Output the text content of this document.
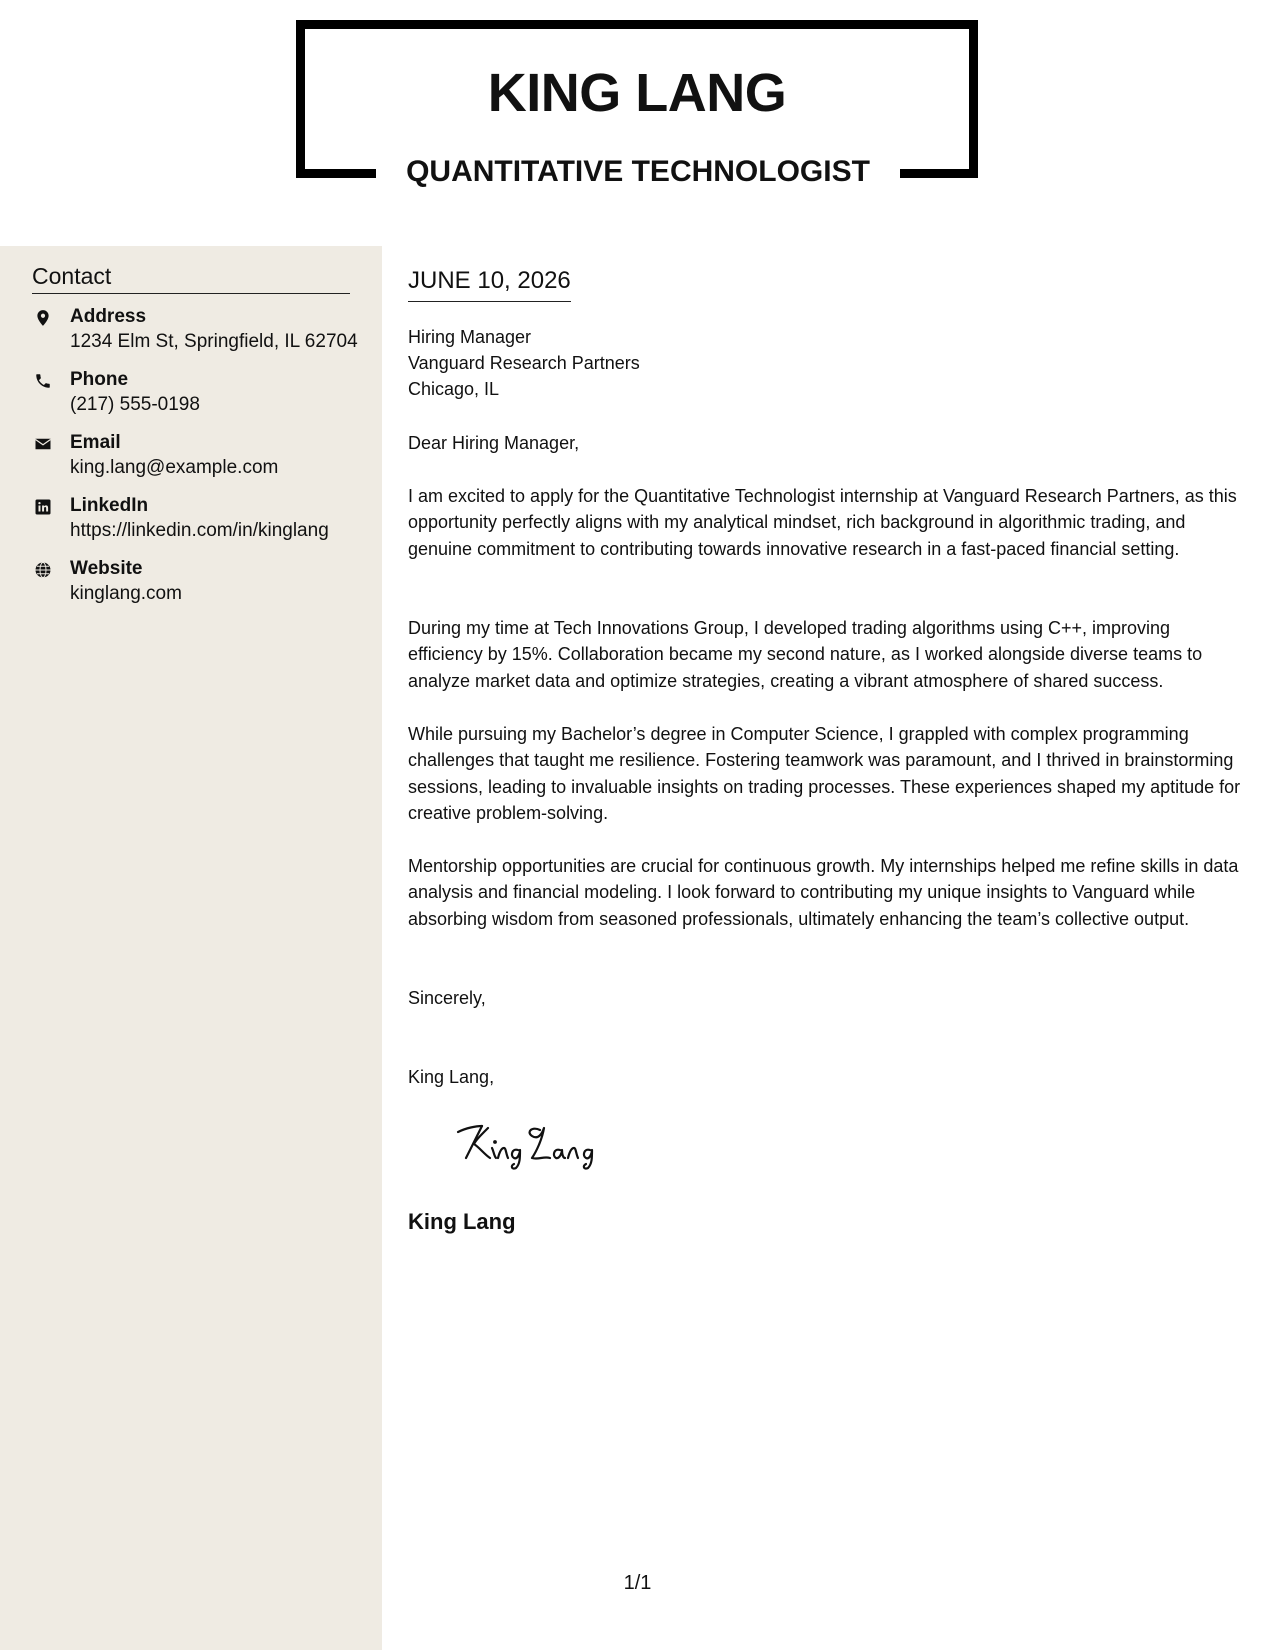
KING LANG
QUANTITATIVE TECHNOLOGIST
Contact
Address
1234 Elm St, Springfield, IL 62704
Phone
(217) 555-0198
Email
king.lang@example.com
LinkedIn
https://linkedin.com/in/kinglang
Website
kinglang.com
JUNE 10, 2026
Hiring Manager
Vanguard Research Partners
Chicago, IL
Dear Hiring Manager,

I am excited to apply for the Quantitative Technologist internship at Vanguard Research Partners, as this opportunity perfectly aligns with my analytical mindset, rich background in algorithmic trading, and genuine commitment to contributing towards innovative research in a fast-paced financial setting.

During my time at Tech Innovations Group, I developed trading algorithms using C++, improving efficiency by 15%. Collaboration became my second nature, as I worked alongside diverse teams to analyze market data and optimize strategies, creating a vibrant atmosphere of shared success.

While pursuing my Bachelor’s degree in Computer Science, I grappled with complex programming challenges that taught me resilience. Fostering teamwork was paramount, and I thrived in brainstorming sessions, leading to invaluable insights on trading processes. These experiences shaped my aptitude for creative problem-solving.

Mentorship opportunities are crucial for continuous growth. My internships helped me refine skills in data analysis and financial modeling. I look forward to contributing my unique insights to Vanguard while absorbing wisdom from seasoned professionals, ultimately enhancing the team’s collective output.

Sincerely,
King Lang,
King Lang
1/1
